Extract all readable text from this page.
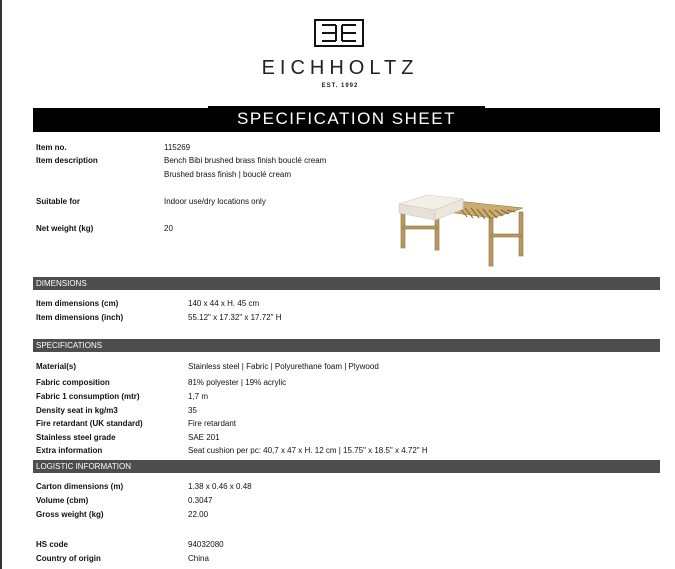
EICHHOLTZ
EST. 1992
SPECIFICATION SHEET
Item no.	115269
Item description	Bench Bibi brushed brass finish bouclé cream
Brushed brass finish | bouclé cream
Suitable for	Indoor use/dry locations only
Net weight (kg)	20
DIMENSIONS
Item dimensions (cm)	140 x 44 x H. 45 cm
Item dimensions (inch)	55.12" x 17.32" x 17.72" H
SPECIFICATIONS
Material(s)	Stainless steel | Fabric | Polyurethane foam | Plywood
Fabric composition	81% polyester | 19% acrylic
Fabric 1 consumption (mtr)	1,7 m
Density seat in kg/m3	35
Fire retardant (UK standard)	Fire retardant
Stainless steel grade	SAE 201
Extra information	Seat cushion per pc: 40,7 x 47 x H. 12 cm | 15.75" x 18.5" x 4.72" H
LOGISTIC INFORMATION
Carton dimensions (m)	1.38 x 0.46 x 0.48
Volume (cbm)	0.3047
Gross weight (kg)	22.00
HS code	94032080
Country of origin	China
